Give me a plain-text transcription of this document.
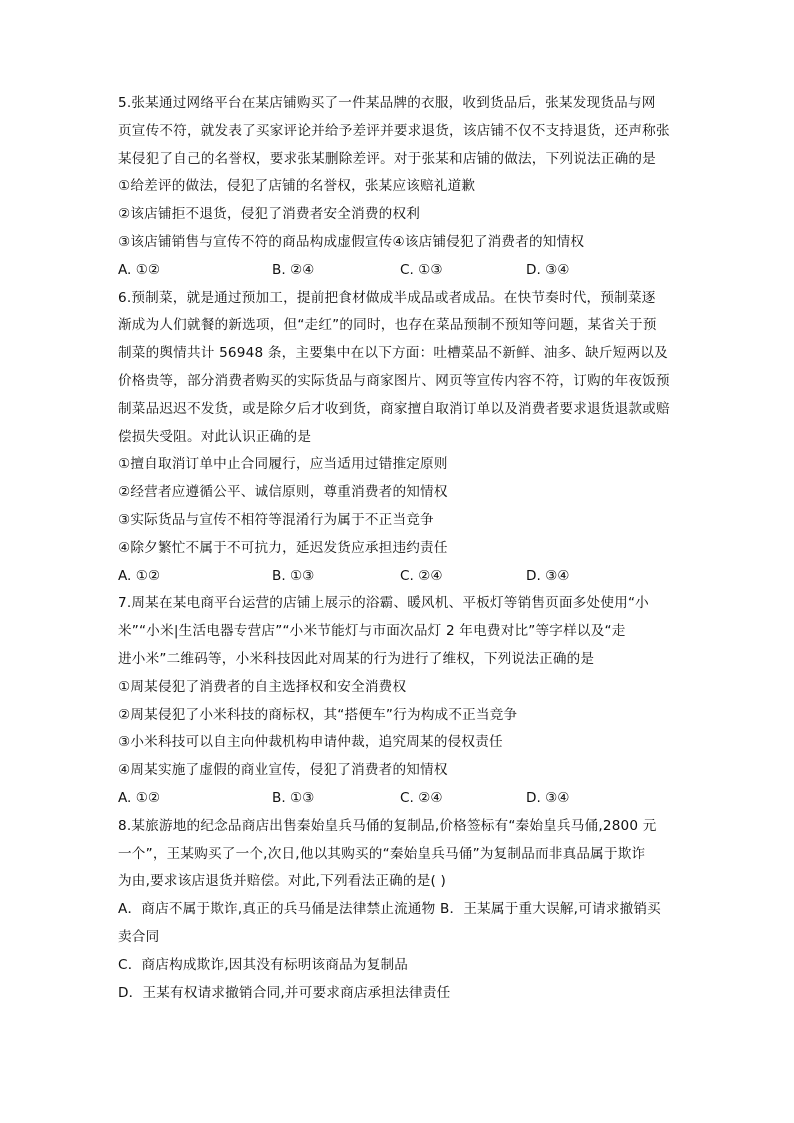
5.张某通过网络平台在某店铺购买了一件某品牌的衣服，收到货品后，张某发现货品与网
页宣传不符，就发表了买家评论并给予差评并要求退货，该店铺不仅不支持退货，还声称张
某侵犯了自己的名誉权，要求张某删除差评。对于张某和店铺的做法，下列说法正确的是
①给差评的做法，侵犯了店铺的名誉权，张某应该赔礼道歉
②该店铺拒不退货，侵犯了消费者安全消费的权利
③该店铺销售与宣传不符的商品构成虚假宣传④该店铺侵犯了消费者的知情权
A. ①②	B. ②④	C. ①③	D. ③④
6.预制菜，就是通过预加工，提前把食材做成半成品或者成品。在快节奏时代，预制菜逐
渐成为人们就餐的新选项，但“走红”的同时，也存在菜品预制不预知等问题，某省关于预
制菜的舆情共计 56948 条，主要集中在以下方面：吐槽菜品不新鲜、油多、缺斤短两以及
价格贵等，部分消费者购买的实际货品与商家图片、网页等宣传内容不符，订购的年夜饭预
制菜品迟迟不发货，或是除夕后才收到货，商家擅自取消订单以及消费者要求退货退款或赔
偿损失受阻。对此认识正确的是
①擅自取消订单中止合同履行，应当适用过错推定原则
②经营者应遵循公平、诚信原则，尊重消费者的知情权
③实际货品与宣传不相符等混淆行为属于不正当竞争
④除夕繁忙不属于不可抗力，延迟发货应承担违约责任
A. ①②	B. ①③	C. ②④	D. ③④
7.周某在某电商平台运营的店铺上展示的浴霸、暖风机、平板灯等销售页面多处使用“小
米”“小米|生活电器专营店”“小米节能灯与市面次品灯 2 年电费对比”等字样以及“走
进小米”二维码等，小米科技因此对周某的行为进行了维权，下列说法正确的是
①周某侵犯了消费者的自主选择权和安全消费权
②周某侵犯了小米科技的商标权，其“搭便车”行为构成不正当竞争
③小米科技可以自主向仲裁机构申请仲裁，追究周某的侵权责任
④周某实施了虚假的商业宣传，侵犯了消费者的知情权
A. ①②	B. ①③	C. ②④	D. ③④
8.某旅游地的纪念品商店出售秦始皇兵马俑的复制品,价格签标有“秦始皇兵马俑,2800 元
一个”，王某购买了一个,次日,他以其购买的“秦始皇兵马俑”为复制品而非真品属于欺诈
为由,要求该店退货并赔偿。对此,下列看法正确的是( )
A．商店不属于欺诈,真正的兵马俑是法律禁止流通物 B．王某属于重大误解,可请求撤销买
卖合同
C．商店构成欺诈,因其没有标明该商品为复制品
D．王某有权请求撤销合同,并可要求商店承担法律责任
